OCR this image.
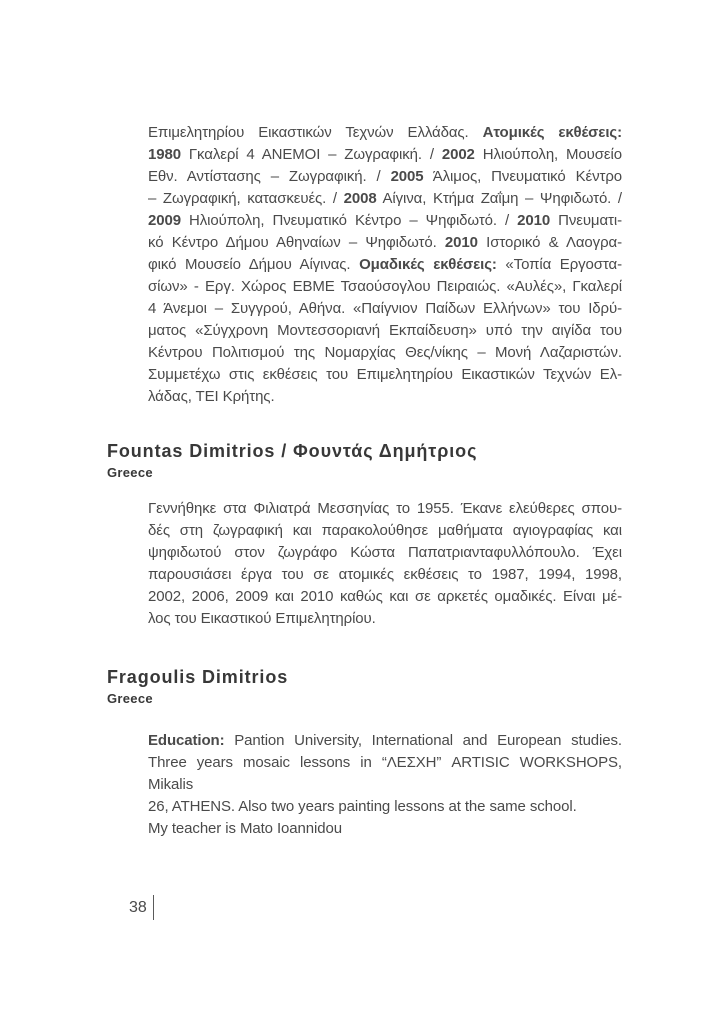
Επιμελητηρίου Εικαστικών Τεχνών Ελλάδας. Ατομικές εκθέσεις:
1980 Γκαλερί 4 ΑΝΕΜΟΙ – Ζωγραφική. / 2002 Ηλιούπολη, Μουσείο
Εθν. Αντίστασης – Ζωγραφική. / 2005 Άλιμος, Πνευματικό Κέντρο
– Ζωγραφική, κατασκευές. / 2008 Αίγινα, Κτήμα Ζαΐμη – Ψηφιδωτό. /
2009 Ηλιούπολη, Πνευματικό Κέντρο – Ψηφιδωτό. / 2010 Πνευματι-
κό Κέντρο Δήμου Αθηναίων – Ψηφιδωτό. 2010 Ιστορικό & Λαογρα-
φικό Μουσείο Δήμου Αίγινας. Ομαδικές εκθέσεις: «Τοπία Εργοστα-
σίων» - Εργ. Χώρος ΕΒΜΕ Τσαούσογλου Πειραιώς. «Αυλές», Γκαλερί
4 Άνεμοι – Συγγρού, Αθήνα. «Παίγνιον Παίδων Ελλήνων» του Ιδρύ-
ματος «Σύγχρονη Μοντεσσοριανή Εκπαίδευση» υπό την αιγίδα του
Κέντρου Πολιτισμού της Νομαρχίας Θες/νίκης – Μονή Λαζαριστών.
Συμμετέχω στις εκθέσεις του Επιμελητηρίου Εικαστικών Τεχνών Ελ-
λάδας, ΤΕΙ Κρήτης.
Fountas Dimitrios / Φουντάς Δημήτριος
Greece
Γεννήθηκε στα Φιλιατρά Μεσσηνίας το 1955. Έκανε ελεύθερες σπου-
δές στη ζωγραφική και παρακολούθησε μαθήματα αγιογραφίας και
ψηφιδωτού στον ζωγράφο Κώστα Παπατριανταφυλλόπουλο. Έχει
παρουσιάσει έργα του σε ατομικές εκθέσεις το 1987, 1994, 1998,
2002, 2006, 2009 και 2010 καθώς και σε αρκετές ομαδικές. Είναι μέ-
λος του Εικαστικού Επιμελητηρίου.
Fragoulis Dimitrios
Greece
Education: Pantion University, International and European studies.
Three years mosaic lessons in “ΛΕΣΧΗ” ARTISIC WORKSHOPS, Mikalis
26, ATHENS. Also two years painting lessons at the same school.
My teacher is Mato Ioannidou
38
